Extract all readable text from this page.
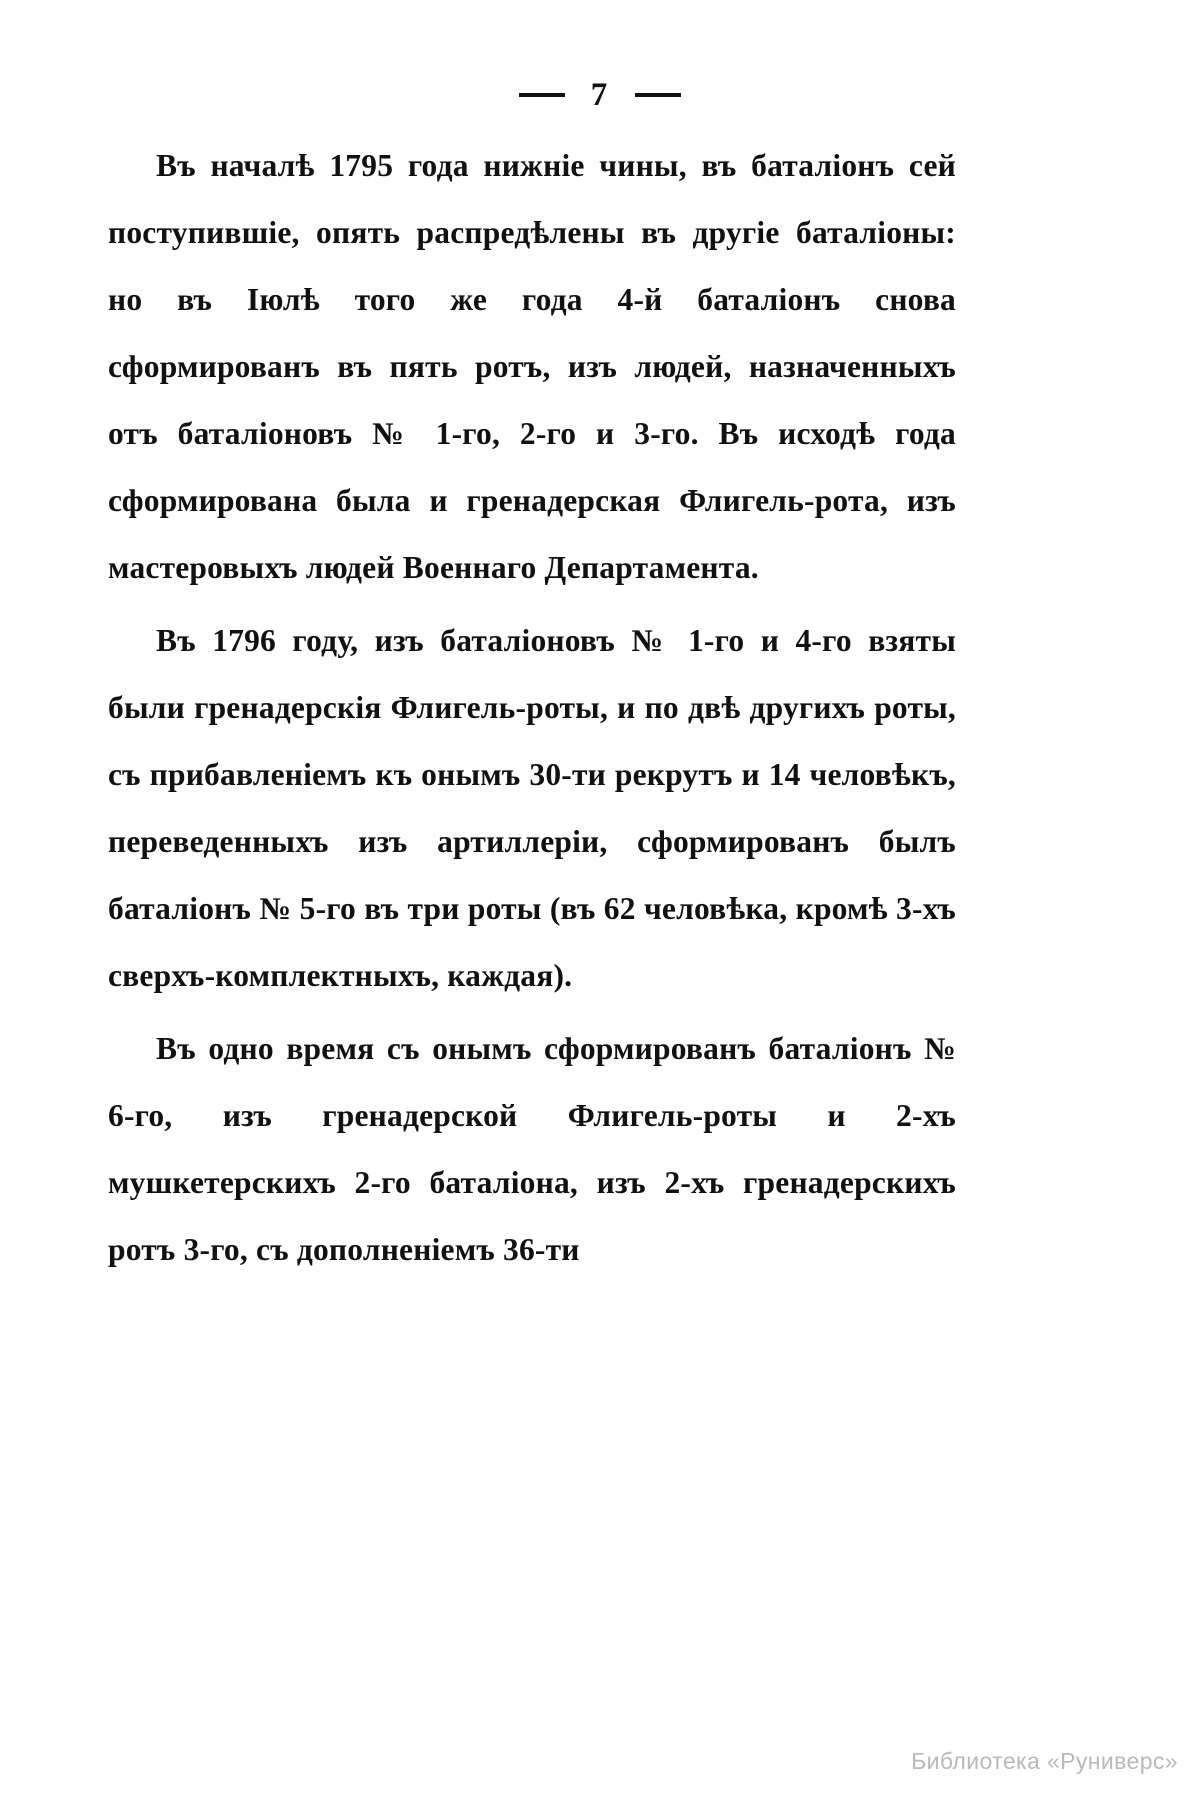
7

Въ началѣ 1795 года нижніе чины, въ баталіонъ сей поступившіе, опять распредѣлены въ другіе баталіоны: но въ Іюлѣ того же года 4-й баталіонъ снова сформированъ въ пять ротъ, изъ людей, назначенныхъ отъ баталіоновъ № 1-го, 2-го и 3-го. Въ исходѣ года сформирована была и гренадерская Флигель-рота, изъ мастеровыхъ людей Военнаго Департамента.

Въ 1796 году, изъ баталіоновъ № 1-го и 4-го взяты были гренадерскія Флигель-роты, и по двѣ другихъ роты, съ прибавленіемъ къ онымъ 30-ти рекрутъ и 14 человѣкъ, переведенныхъ изъ артиллеріи, сформированъ былъ баталіонъ № 5-го въ три роты (въ 62 человѣка, кромѣ 3-хъ сверхъ-комплектныхъ, каждая).

Въ одно время съ онымъ сформированъ баталіонъ № 6-го, изъ гренадерской Флигель-роты и 2-хъ мушкетерскихъ 2-го баталіона, изъ 2-хъ гренадерскихъ ротъ 3-го, съ дополненіемъ 36-ти

Библиотека «Руниверс»
